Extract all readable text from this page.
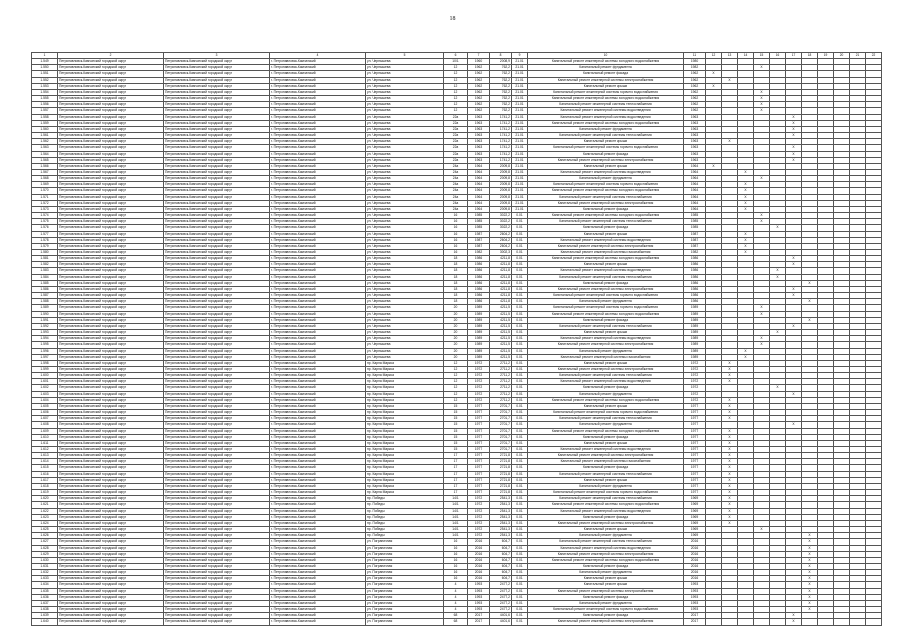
18
1	2	3	4	5	6	7	8	9	10	11	12	13	14	15	16	17	18	19	20	21	22
1.549	Петропавловск-Камчатский городской округ	Петропавловск-Камчатский городской округ	г. Петропавловск-Камчатский	ул. Чернышева	10/1	1960	2008,9	21.01	Капитальный ремонт инженерной системы холодного водоснабжения	1980											
1.550	Петропавловск-Камчатский городской округ	Петропавловск-Камчатский городской округ	г. Петропавловск-Камчатский	ул. Чернышева	12	1962	762,2	21.01	Капитальный ремонт фундамента	1982				X							
1.551	Петропавловск-Камчатский городской округ	Петропавловск-Камчатский городской округ	г. Петропавловск-Камчатский	ул. Чернышева	12	1962	762,2	21.01	Капитальный ремонт фасада	1962	X										
1.552	Петропавловск-Камчатский городской округ	Петропавловск-Камчатский городской округ	г. Петропавловск-Камчатский	ул. Чернышева	12	1962	762,2	21.01	Капитальный ремонт инженерной системы электроснабжения	1962		X									
1.553	Петропавловск-Камчатский городской округ	Петропавловск-Камчатский городской округ	г. Петропавловск-Камчатский	ул. Чернышева	12	1962	762,2	21.01	Капитальный ремонт крыши	1962	X										
1.554	Петропавловск-Камчатский городской округ	Петропавловск-Камчатский городской округ	г. Петропавловск-Камчатский	ул. Чернышева	12	1962	762,2	21.01	Капитальный ремонт инженерной системы горячего водоснабжения	1962				X							
1.555	Петропавловск-Камчатский городской округ	Петропавловск-Камчатский городской округ	г. Петропавловск-Камчатский	ул. Чернышева	12	1962	762,2	21.01	Капитальный ремонт инженерной системы холодного водоснабжения	1962				X							
1.556	Петропавловск-Камчатский городской округ	Петропавловск-Камчатский городской округ	г. Петропавловск-Камчатский	ул. Чернышева	12	1962	762,2	21.01	Капитальный ремонт инженерной системы теплоснабжения	1962				X							
1.557	Петропавловск-Камчатский городской округ	Петропавловск-Камчатский городской округ	г. Петропавловск-Камчатский	ул. Чернышева	12	1962	762,2	21.01	Капитальный ремонт инженерной системы водоотведения	1962				X							
1.558	Петропавловск-Камчатский городской округ	Петропавловск-Камчатский городской округ	г. Петропавловск-Камчатский	ул. Чернышева	22а	1963	1741,2	21.01	Капитальный ремонт инженерной системы водоотведения	1963						X					
1.559	Петропавловск-Камчатский городской округ	Петропавловск-Камчатский городской округ	г. Петропавловск-Камчатский	ул. Чернышева	22а	1963	1741,2	21.01	Капитальный ремонт инженерной системы холодного водоснабжения	1963						X					
1.560	Петропавловск-Камчатский городской округ	Петропавловск-Камчатский городской округ	г. Петропавловск-Камчатский	ул. Чернышева	22а	1963	1741,2	21.01	Капитальный ремонт фундамента	1963						X					
1.561	Петропавловск-Камчатский городской округ	Петропавловск-Камчатский городской округ	г. Петропавловск-Камчатский	ул. Чернышева	22а	1963	1741,2	21.01	Капитальный ремонт инженерной системы теплоснабжения	1963						X					
1.562	Петропавловск-Камчатский городской округ	Петропавловск-Камчатский городской округ	г. Петропавловск-Камчатский	ул. Чернышева	22а	1963	1741,2	21.01	Капитальный ремонт крыши	1963		X									
1.563	Петропавловск-Камчатский городской округ	Петропавловск-Камчатский городской округ	г. Петропавловск-Камчатский	ул. Чернышева	22а	1963	1741,2	21.01	Капитальный ремонт инженерной системы горячего водоснабжения	1963						X					
1.564	Петропавловск-Камчатский городской округ	Петропавловск-Камчатский городской округ	г. Петропавловск-Камчатский	ул. Чернышева	22а	1963	1741,2	21.01	Капитальный ремонт фасада	1963						X					
1.565	Петропавловск-Камчатский городской округ	Петропавловск-Камчатский городской округ	г. Петропавловск-Камчатский	ул. Чернышева	22а	1963	1741,2	21.01	Капитальный ремонт инженерной системы электроснабжения	1963						X					
1.566	Петропавловск-Камчатский городской округ	Петропавловск-Камчатский городской округ	г. Петропавловск-Камчатский	ул. Чернышева	24а	1964	2009,8	21.01	Капитальный ремонт крыши	1964	X										
1.567	Петропавловск-Камчатский городской округ	Петропавловск-Камчатский городской округ	г. Петропавловск-Камчатский	ул. Чернышева	24а	1964	2009,8	21.01	Капитальный ремонт инженерной системы водоотведения	1964			X								
1.568	Петропавловск-Камчатский городской округ	Петропавловск-Камчатский городской округ	г. Петропавловск-Камчатский	ул. Чернышева	24а	1964	2009,8	21.01	Капитальный ремонт фундамента	1964				X							
1.569	Петропавловск-Камчатский городской округ	Петропавловск-Камчатский городской округ	г. Петропавловск-Камчатский	ул. Чернышева	24а	1964	2009,8	21.01	Капитальный ремонт инженерной системы горячего водоснабжения	1964			X								
1.570	Петропавловск-Камчатский городской округ	Петропавловск-Камчатский городской округ	г. Петропавловск-Камчатский	ул. Чернышева	24а	1964	2009,8	21.01	Капитальный ремонт инженерной системы холодного водоснабжения	1964			X								
1.571	Петропавловск-Камчатский городской округ	Петропавловск-Камчатский городской округ	г. Петропавловск-Камчатский	ул. Чернышева	24а	1964	2009,8	21.01	Капитальный ремонт инженерной системы теплоснабжения	1964			X								
1.572	Петропавловск-Камчатский городской округ	Петропавловск-Камчатский городской округ	г. Петропавловск-Камчатский	ул. Чернышева	24а	1964	2009,8	21.01	Капитальный ремонт инженерной системы электроснабжения	1964			X								
1.573	Петропавловск-Камчатский городской округ	Петропавловск-Камчатский городской округ	г. Петропавловск-Камчатский	ул. Чернышева	24а	1964	2009,8	21.01	Капитальный ремонт фасада	1964			X								
1.574	Петропавловск-Камчатский городской округ	Петропавловск-Камчатский городской округ	г. Петропавловск-Камчатский	ул. Чернышева	16	1985	3022,2	0.01	Капитальный ремонт инженерной системы холодного водоснабжения	1985				X							
1.575	Петропавловск-Камчатский городской округ	Петропавловск-Камчатский городской округ	г. Петропавловск-Камчатский	ул. Чернышева	16	1985	3022,2	0.01	Капитальный ремонт инженерной системы теплоснабжения	1985				X							
1.576	Петропавловск-Камчатский городской округ	Петропавловск-Камчатский городской округ	г. Петропавловск-Камчатский	ул. Чернышева	16	1985	3022,2	0.01	Капитальный ремонт фасада	1985					X						
1.577	Петропавловск-Камчатский городской округ	Петропавловск-Камчатский городской округ	г. Петропавловск-Камчатский	ул. Чернышева	16	1987	2604,2	0.01	Капитальный ремонт крыши	1987			X								
1.578	Петропавловск-Камчатский городской округ	Петропавловск-Камчатский городской округ	г. Петропавловск-Камчатский	ул. Чернышева	16	1987	2604,2	0.01	Капитальный ремонт инженерной системы водоотведения	1987			X								
1.579	Петропавловск-Камчатский городской округ	Петропавловск-Камчатский городской округ	г. Петропавловск-Камчатский	ул. Чернышева	16	1987	2604,2	0.01	Капитальный ремонт инженерной системы электроснабжения	1987			X								
1.580	Петропавловск-Камчатский городской округ	Петропавловск-Камчатский городской округ	г. Петропавловск-Камчатский	ул. Чернышева	16	1982	3002,3	0.01	Капитальный ремонт инженерной системы газоснабжения	1982			X								
1.581	Петропавловск-Камчатский городской округ	Петропавловск-Камчатский городской округ	г. Петропавловск-Камчатский	ул. Чернышева	18	1986	4211,8	0.01	Капитальный ремонт инженерной системы холодного водоснабжения	1986						X					
1.582	Петропавловск-Камчатский городской округ	Петропавловск-Камчатский городской округ	г. Петропавловск-Камчатский	ул. Чернышева	18	1986	4211,8	0.01	Капитальный ремонт крыши	1986						X					
1.583	Петропавловск-Камчатский городской округ	Петропавловск-Камчатский городской округ	г. Петропавловск-Камчатский	ул. Чернышева	18	1986	4211,8	0.01	Капитальный ремонт инженерной системы водоотведения	1986					X						
1.584	Петропавловск-Камчатский городской округ	Петропавловск-Камчатский городской округ	г. Петропавловск-Камчатский	ул. Чернышева	18	1986	4211,8	0.01	Капитальный ремонт инженерной системы теплоснабжения	1986					X						
1.585	Петропавловск-Камчатский городской округ	Петропавловск-Камчатский городской округ	г. Петропавловск-Камчатский	ул. Чернышева	18	1986	4211,8	0.01	Капитальный ремонт фасада	1986							X				
1.586	Петропавловск-Камчатский городской округ	Петропавловск-Камчатский городской округ	г. Петропавловск-Камчатский	ул. Чернышева	18	1986	4211,8	0.01	Капитальный ремонт инженерной системы электроснабжения	1986						X					
1.587	Петропавловск-Камчатский городской округ	Петропавловск-Камчатский городской округ	г. Петропавловск-Камчатский	ул. Чернышева	18	1986	4211,8	0.01	Капитальный ремонт инженерной системы горячего водоснабжения	1986						X					
1.588	Петропавловск-Камчатский городской округ	Петропавловск-Камчатский городской округ	г. Петропавловск-Камчатский	ул. Чернышева	18	1986	4211,8	0.01	Капитальный ремонт фундамента	1986							X				
1.589	Петропавловск-Камчатский городской округ	Петропавловск-Камчатский городской округ	г. Петропавловск-Камчатский	ул. Чернышева	20	1989	4211,5	0.01	Капитальный ремонт инженерной системы горячего водоснабжения	1989				X							
1.590	Петропавловск-Камчатский городской округ	Петропавловск-Камчатский городской округ	г. Петропавловск-Камчатский	ул. Чернышева	20	1989	4211,5	0.01	Капитальный ремонт инженерной системы холодного водоснабжения	1989				X							
1.591	Петропавловск-Камчатский городской округ	Петропавловск-Камчатский городской округ	г. Петропавловск-Камчатский	ул. Чернышева	20	1989	4211,5	0.01	Капитальный ремонт фасада	1989							X				
1.592	Петропавловск-Камчатский городской округ	Петропавловск-Камчатский городской округ	г. Петропавловск-Камчатский	ул. Чернышева	20	1989	4211,5	0.01	Капитальный ремонт инженерной системы теплоснабжения	1989						X					
1.593	Петропавловск-Камчатский городской округ	Петропавловск-Камчатский городской округ	г. Петропавловск-Камчатский	ул. Чернышева	20	1989	4211,5	0.01	Капитальный ремонт крыши	1989					X						
1.594	Петропавловск-Камчатский городской округ	Петропавловск-Камчатский городской округ	г. Петропавловск-Камчатский	ул. Чернышева	20	1989	4211,5	0.01	Капитальный ремонт инженерной системы водоотведения	1989				X							
1.595	Петропавловск-Камчатский городской округ	Петропавловск-Камчатский городской округ	г. Петропавловск-Камчатский	ул. Чернышева	20	1989	4211,5	0.01	Капитальный ремонт инженерной системы электроснабжения	1989				X							
1.596	Петропавловск-Камчатский городской округ	Петропавловск-Камчатский городской округ	г. Петропавловск-Камчатский	ул. Чернышева	20	1989	4211,5	0.01	Капитальный ремонт фундамента	1989			X								
1.597	Петропавловск-Камчатский городской округ	Петропавловск-Камчатский городской округ	г. Петропавловск-Камчатский	ул. Чернышева	20	1989	4211,5	0.01	Капитальный ремонт инженерной системы газоснабжения	1989			X								
1.598	Петропавловск-Камчатский городской округ	Петропавловск-Камчатский городской округ	г. Петропавловск-Камчатский	пр. Карла Маркса	12	1972	2711,2	0.01	Капитальный ремонт крыши	1972		X									
1.599	Петропавловск-Камчатский городской округ	Петропавловск-Камчатский городской округ	г. Петропавловск-Камчатский	пр. Карла Маркса	12	1972	2711,2	0.01	Капитальный ремонт инженерной системы электроснабжения	1972		X									
1.600	Петропавловск-Камчатский городской округ	Петропавловск-Камчатский городской округ	г. Петропавловск-Камчатский	пр. Карла Маркса	12	1972	2711,2	0.01	Капитальный ремонт инженерной системы теплоснабжения	1972		X									
1.601	Петропавловск-Камчатский городской округ	Петропавловск-Камчатский городской округ	г. Петропавловск-Камчатский	пр. Карла Маркса	12	1972	2711,2	0.01	Капитальный ремонт инженерной системы водоотведения	1972		X									
1.602	Петропавловск-Камчатский городской округ	Петропавловск-Камчатский городской округ	г. Петропавловск-Камчатский	пр. Карла Маркса	12	1972	2711,2	0.01	Капитальный ремонт фасада	1972					X						
1.603	Петропавловск-Камчатский городской округ	Петропавловск-Камчатский городской округ	г. Петропавловск-Камчатский	пр. Карла Маркса	12	1972	2711,2	0.01	Капитальный ремонт фундамента	1972						X					
1.604	Петропавловск-Камчатский городской округ	Петропавловск-Камчатский городской округ	г. Петропавловск-Камчатский	пр. Карла Маркса	12	1972	2711,2	0.01	Капитальный ремонт инженерной системы холодного водоснабжения	1972		X									
1.605	Петропавловск-Камчатский городской округ	Петропавловск-Камчатский городской округ	г. Петропавловск-Камчатский	пр. Карла Маркса	15	1977	2701,7	0.01	Капитальный ремонт крыши	1977		X									
1.606	Петропавловск-Камчатский городской округ	Петропавловск-Камчатский городской округ	г. Петропавловск-Камчатский	пр. Карла Маркса	15	1977	2701,7	0.01	Капитальный ремонт инженерной системы горячего водоснабжения	1977		X									
1.607	Петропавловск-Камчатский городской округ	Петропавловск-Камчатский городской округ	г. Петропавловск-Камчатский	пр. Карла Маркса	15	1977	2701,7	0.01	Капитальный ремонт инженерной системы теплоснабжения	1977		X									
1.608	Петропавловск-Камчатский городской округ	Петропавловск-Камчатский городской округ	г. Петропавловск-Камчатский	пр. Карла Маркса	15	1977	2701,7	0.01	Капитальный ремонт фундамента	1977						X					
1.609	Петропавловск-Камчатский городской округ	Петропавловск-Камчатский городской округ	г. Петропавловск-Камчатский	пр. Карла Маркса	15	1977	2701,7	0.01	Капитальный ремонт инженерной системы холодного водоснабжения	1977		X									
1.610	Петропавловск-Камчатский городской округ	Петропавловск-Камчатский городской округ	г. Петропавловск-Камчатский	пр. Карла Маркса	15	1977	2701,7	0.01	Капитальный ремонт фасада	1977		X									
1.611	Петропавловск-Камчатский городской округ	Петропавловск-Камчатский городской округ	г. Петропавловск-Камчатский	пр. Карла Маркса	15	1977	2701,7	0.01	Капитальный ремонт крыши	1977		X									
1.612	Петропавловск-Камчатский городской округ	Петропавловск-Камчатский городской округ	г. Петропавловск-Камчатский	пр. Карла Маркса	15	1977	2701,7	0.01	Капитальный ремонт инженерной системы водоотведения	1977		X									
1.613	Петропавловск-Камчатский городской округ	Петропавловск-Камчатский городской округ	г. Петропавловск-Камчатский	пр. Карла Маркса	17	1977	2721,8	0.01	Капитальный ремонт инженерной системы электроснабжения	1977		X									
1.614	Петропавловск-Камчатский городской округ	Петропавловск-Камчатский городской округ	г. Петропавловск-Камчатский	пр. Карла Маркса	17	1977	2721,8	0.01	Капитальный ремонт инженерной системы газоснабжения	1977		X									
1.615	Петропавловск-Камчатский городской округ	Петропавловск-Камчатский городской округ	г. Петропавловск-Камчатский	пр. Карла Маркса	17	1977	2721,8	0.01	Капитальный ремонт фасада	1977		X									
1.616	Петропавловск-Камчатский городской округ	Петропавловск-Камчатский городской округ	г. Петропавловск-Камчатский	пр. Карла Маркса	17	1977	2721,8	0.01	Капитальный ремонт инженерной системы теплоснабжения	1977		X									
1.617	Петропавловск-Камчатский городской округ	Петропавловск-Камчатский городской округ	г. Петропавловск-Камчатский	пр. Карла Маркса	17	1977	2721,8	0.01	Капитальный ремонт крыши	1977		X									
1.618	Петропавловск-Камчатский городской округ	Петропавловск-Камчатский городской округ	г. Петропавловск-Камчатский	пр. Карла Маркса	17	1977	2721,8	0.01	Капитальный ремонт фундамента	1977		X									
1.619	Петропавловск-Камчатский городской округ	Петропавловск-Камчатский городской округ	г. Петропавловск-Камчатский	пр. Карла Маркса	17	1977	2721,8	0.01	Капитальный ремонт инженерной системы горячего водоснабжения	1977		X									
1.620	Петропавловск-Камчатский городской округ	Петропавловск-Камчатский городской округ	г. Петропавловск-Камчатский	пр. Победы	14/1	1972	2541,3	0.01	Капитальный ремонт инженерной системы теплоснабжения	1969		X									
1.621	Петропавловск-Камчатский городской округ	Петропавловск-Камчатский городской округ	г. Петропавловск-Камчатский	пр. Победы	14/1	1972	2541,3	0.01	Капитальный ремонт инженерной системы холодного водоснабжения	1969		X									
1.622	Петропавловск-Камчатский городской округ	Петропавловск-Камчатский городской округ	г. Петропавловск-Камчатский	пр. Победы	14/1	1972	2541,3	0.01	Капитальный ремонт инженерной системы водоотведения	1969		X									
1.623	Петропавловск-Камчатский городской округ	Петропавловск-Камчатский городской округ	г. Петропавловск-Камчатский	пр. Победы	14/1	1972	2541,3	0.01	Капитальный ремонт фасада	1969		X									
1.624	Петропавловск-Камчатский городской округ	Петропавловск-Камчатский городской округ	г. Петропавловск-Камчатский	пр. Победы	14/1	1972	2541,3	0.01	Капитальный ремонт инженерной системы электроснабжения	1969		X									
1.625	Петропавловск-Камчатский городской округ	Петропавловск-Камчатский городской округ	г. Петропавловск-Камчатский	пр. Победы	14/1	1972	2541,3	0.01	Капитальный ремонт крыши	1969				X							
1.626	Петропавловск-Камчатский городской округ	Петропавловск-Камчатский городской округ	г. Петропавловск-Камчатский	пр. Победы	14/1	1972	2541,3	0.01	Капитальный ремонт фундамента	1969							X				
1.627	Петропавловск-Камчатский городской округ	Петропавловск-Камчатский городской округ	г. Петропавловск-Камчатский	ул. Пограничная	16	2016	604,7	0.01	Капитальный ремонт инженерной системы теплоснабжения	2016							X				
1.628	Петропавловск-Камчатский городской округ	Петропавловск-Камчатский городской округ	г. Петропавловск-Камчатский	ул. Пограничная	16	2016	604,7	0.01	Капитальный ремонт инженерной системы водоотведения	2016							X				
1.629	Петропавловск-Камчатский городской округ	Петропавловск-Камчатский городской округ	г. Петропавловск-Камчатский	ул. Пограничная	16	2016	604,7	0.01	Капитальный ремонт инженерной системы электроснабжения	2016							X				
1.630	Петропавловск-Камчатский городской округ	Петропавловск-Камчатский городской округ	г. Петропавловск-Камчатский	ул. Пограничная	16	2016	604,7	0.01	Капитальный ремонт инженерной системы холодного водоснабжения	2016							X				
1.631	Петропавловск-Камчатский городской округ	Петропавловск-Камчатский городской округ	г. Петропавловск-Камчатский	ул. Пограничная	16	2016	604,7	0.01	Капитальный ремонт фасада	2016							X				
1.632	Петропавловск-Камчатский городской округ	Петропавловск-Камчатский городской округ	г. Петропавловск-Камчатский	ул. Пограничная	16	2016	604,7	0.01	Капитальный ремонт фундамента	2016							X				
1.633	Петропавловск-Камчатский городской округ	Петропавловск-Камчатский городской округ	г. Петропавловск-Камчатский	ул. Пограничная	16	2016	604,7	0.01	Капитальный ремонт крыши	2016							X				
1.634	Петропавловск-Камчатский городской округ	Петропавловск-Камчатский городской округ	г. Петропавловск-Камчатский	ул. Пограничная	4	1993	2477,2	0.01	Капитальный ремонт крыши	1993							X				
1.635	Петропавловск-Камчатский городской округ	Петропавловск-Камчатский городской округ	г. Петропавловск-Камчатский	ул. Пограничная	4	1993	2477,2	0.01	Капитальный ремонт инженерной системы электроснабжения	1993							X				
1.636	Петропавловск-Камчатский городской округ	Петропавловск-Камчатский городской округ	г. Петропавловск-Камчатский	ул. Пограничная	4	1993	2477,2	0.01	Капитальный ремонт фасада	1993							X				
1.637	Петропавловск-Камчатский городской округ	Петропавловск-Камчатский городской округ	г. Петропавловск-Камчатский	ул. Пограничная	4	1993	2477,2	0.01	Капитальный ремонт фундамента	1993							X				
1.638	Петропавловск-Камчатский городской округ	Петропавловск-Камчатский городской округ	г. Петропавловск-Камчатский	ул. Пограничная	4	1993	2477,2	0.01	Капитальный ремонт инженерной системы горячего водоснабжения	1993							X				
1.639	Петропавловск-Камчатский городской округ	Петропавловск-Камчатский городской округ	г. Петропавловск-Камчатский	ул. Пограничная	68	2017	4401,6	0.01	Капитальный ремонт фасада	2017						X					
1.640	Петропавловск-Камчатский городской округ	Петропавловск-Камчатский городской округ	г. Петропавловск-Камчатский	ул. Пограничная	68	2017	4401,6	0.01	Капитальный ремонт инженерной системы электроснабжения	2017						X					
